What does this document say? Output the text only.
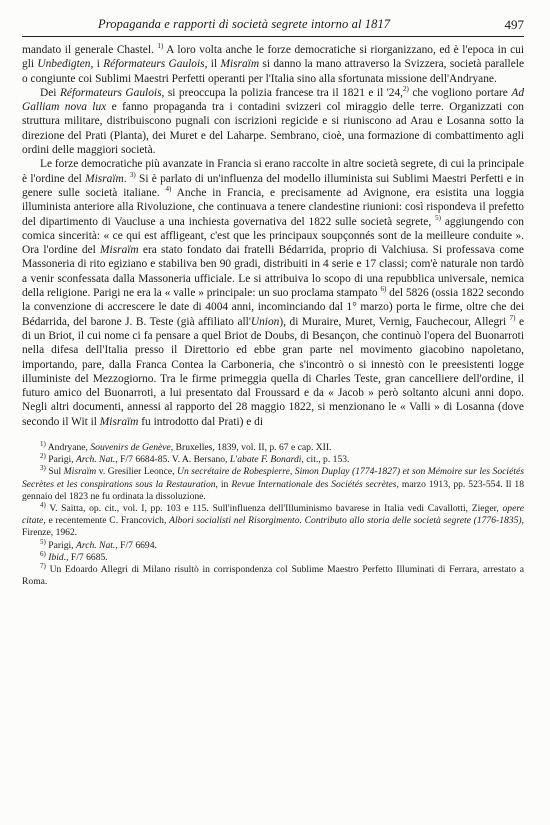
Propaganda e rapporti di società segrete intorno al 1817	497

mandato il generale Chastel. $^{1)}$ A loro volta anche le forze democratiche si riorganizzano, ed è l'epoca in cui gli Unbedigten, i Réformateurs Gaulois, il Misraïm si danno la mano attraverso la Svizzera, società parallele o congiunte coi Sublimi Maestri Perfetti operanti per l'Italia sino alla sfortunata missione dell'Andryane.

Dei Réformateurs Gaulois, si preoccupa la polizia francese tra il 1821 e il '24,$^{2)}$ che vogliono portare Ad Galliam nova lux e fanno propaganda tra i contadini svizzeri col miraggio delle terre. Organizzati con struttura militare, distribuiscono pugnali con iscrizioni regicide e si riuniscono ad Arau e Losanna sotto la direzione del Prati (Planta), dei Muret e del Laharpe. Sembrano, cioè, una formazione di combattimento agli ordini delle maggiori società.

Le forze democratiche più avanzate in Francia si erano raccolte in altre società segrete, di cui la principale è l'ordine del Misraïm. $^{3)}$ Si è parlato di un'influenza del modello illuminista sui Sublimi Maestri Perfetti e in genere sulle società italiane. $^{4)}$ Anche in Francia, e precisamente ad Avignone, era esistita una loggia illuminista anteriore alla Rivoluzione, che continuava a tenere clandestine riunioni: così rispondeva il prefetto del dipartimento di Vaucluse a una inchiesta governativa del 1822 sulle società segrete, $^{5)}$ aggiungendo con comica sincerità: « ce qui est affligeant, c'est que les principaux soupçonnés sont de la meilleure conduite ». Ora l'ordine del Misraïm era stato fondato dai fratelli Bédarrida, proprio di Valchiusa. Si professava come Massoneria di rito egiziano e stabiliva ben 90 gradi, distribuiti in 4 serie e 17 classi; com'è naturale non tardò a venir sconfessata dalla Massoneria ufficiale. Le si attribuiva lo scopo di una repubblica universale, nemica della religione. Parigi ne era la « valle » principale: un suo proclama stampato $^{6)}$ del 5826 (ossia 1822 secondo la convenzione di accrescere le date di 4004 anni, incominciando dal 1° marzo) porta le firme, oltre che dei Bédarrida, del barone J. B. Teste (già affiliato all'Union), di Muraire, Muret, Vernig, Fauchecour, Allegri $^{7)}$ e di un Briot, il cui nome ci fa pensare a quel Briot de Doubs, di Besançon, che continuò l'opera del Buonarroti nella difesa dell'Italia presso il Direttorio ed ebbe gran parte nel movimento giacobino napoletano, importando, pare, dalla Franca Contea la Carboneria, che s'incontrò o si innestò con le preesistenti logge illuministe del Mezzogiorno. Tra le firme primeggia quella di Charles Teste, gran cancelliere dell'ordine, il futuro amico del Buonarroti, a lui presentato dal Froussard e da « Jacob » però soltanto alcuni anni dopo. Negli altri documenti, annessi al rapporto del 28 maggio 1822, si menzionano le « Valli » di Losanna (dove secondo il Wit il Misraïm fu introdotto dal Prati) e di

$^{1)}$ Andryane, Souvenirs de Genève, Bruxelles, 1839, vol. II, p. 67 e cap. XII.

$^{2)}$ Parigi, Arch. Nat., F/7 6684-85. V. A. Bersano, L'abate F. Bonardi, cit., p. 153.

$^{3)}$ Sul Misraïm v. Gresilier Leonce, Un secrétaire de Robespierre, Simon Duplay (1774-1827) et son Mémoire sur les Sociétés Secrètes et les conspirations sous la Restauration, in Revue Internationale des Sociétés secrètes, marzo 1913, pp. 523-554. Il 18 gennaio del 1823 ne fu ordinata la dissoluzione.

$^{4)}$ V. Saitta, op. cit., vol. I, pp. 103 e 115. Sull'influenza dell'Illuminismo bavarese in Italia vedi Cavallotti, Zieger, opere citate, e recentemente C. Francovich, Albori socialisti nel Risorgimento. Contributo allo storia delle società segrete (1776-1835), Firenze, 1962.

$^{5)}$ Parigi, Arch. Nat., F/7 6694.

$^{6)}$ Ibid., F/7 6685.

$^{7)}$ Un Edoardo Allegri di Milano risultò in corrispondenza col Sublime Maestro Perfetto Illuminati di Ferrara, arrestato a Roma.
